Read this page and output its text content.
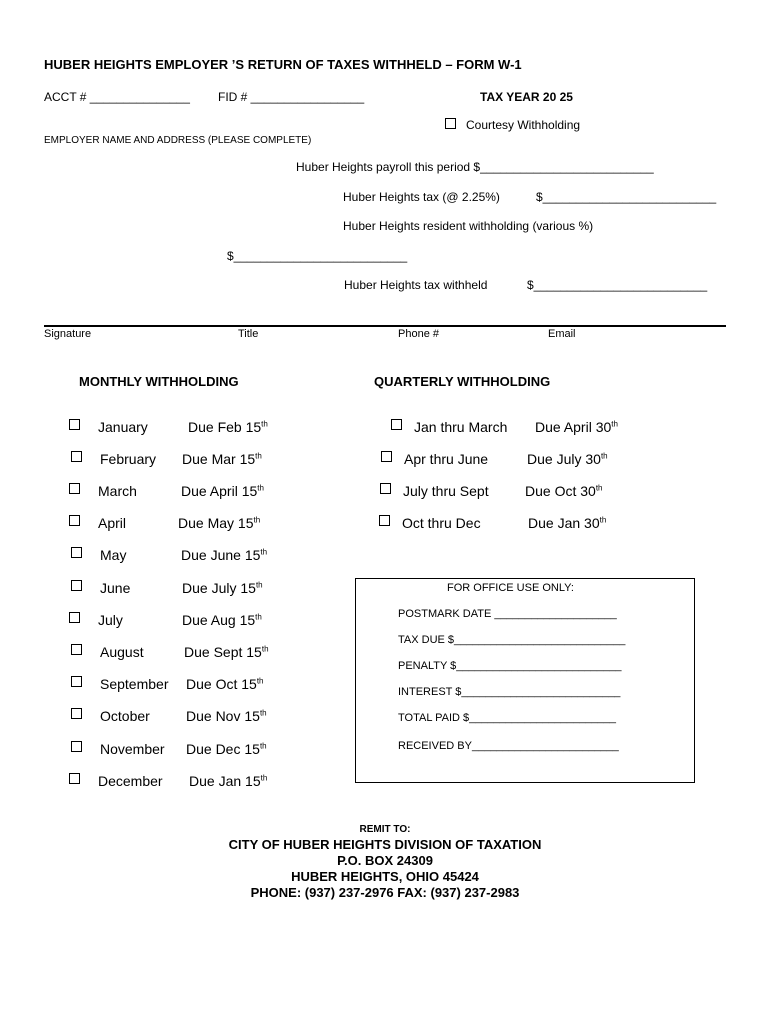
HUBER HEIGHTS EMPLOYER ’S RETURN OF TAXES WITHHELD – FORM W-1
ACCT # _______________ FID # _________________	TAX YEAR 20 25
Courtesy Withholding
EMPLOYER NAME AND ADDRESS (PLEASE COMPLETE)
Huber Heights payroll this period $__________________________
Huber Heights tax (@ 2.25%)	$__________________________
Huber Heights resident withholding (various %)
$__________________________
Huber Heights tax withheld	$__________________________
Signature	Title	Phone #	Email
MONTHLY WITHHOLDING	QUARTERLY WITHHOLDING
January	Due Feb 15th
February Due Mar 15th
March	Due April 15th
April	Due May 15th
May	Due June 15th
June	Due July 15th
July	Due Aug 15th
August	Due Sept 15th
September Due Oct 15th
October	Due Nov 15th
November Due Dec 15th
December Due Jan 15th
Jan thru March Due April 30th
Apr thru June	Due July 30th
July thru Sept	Due Oct 30th
Oct thru Dec	Due Jan 30th
FOR OFFICE USE ONLY:
POSTMARK DATE ____________________
TAX DUE $____________________________
PENALTY $___________________________
INTEREST $__________________________
TOTAL PAID $________________________
RECEIVED BY________________________
REMIT TO:
CITY OF HUBER HEIGHTS DIVISION OF TAXATION
P.O. BOX 24309
HUBER HEIGHTS, OHIO 45424
PHONE: (937) 237-2976 FAX: (937) 237-2983
